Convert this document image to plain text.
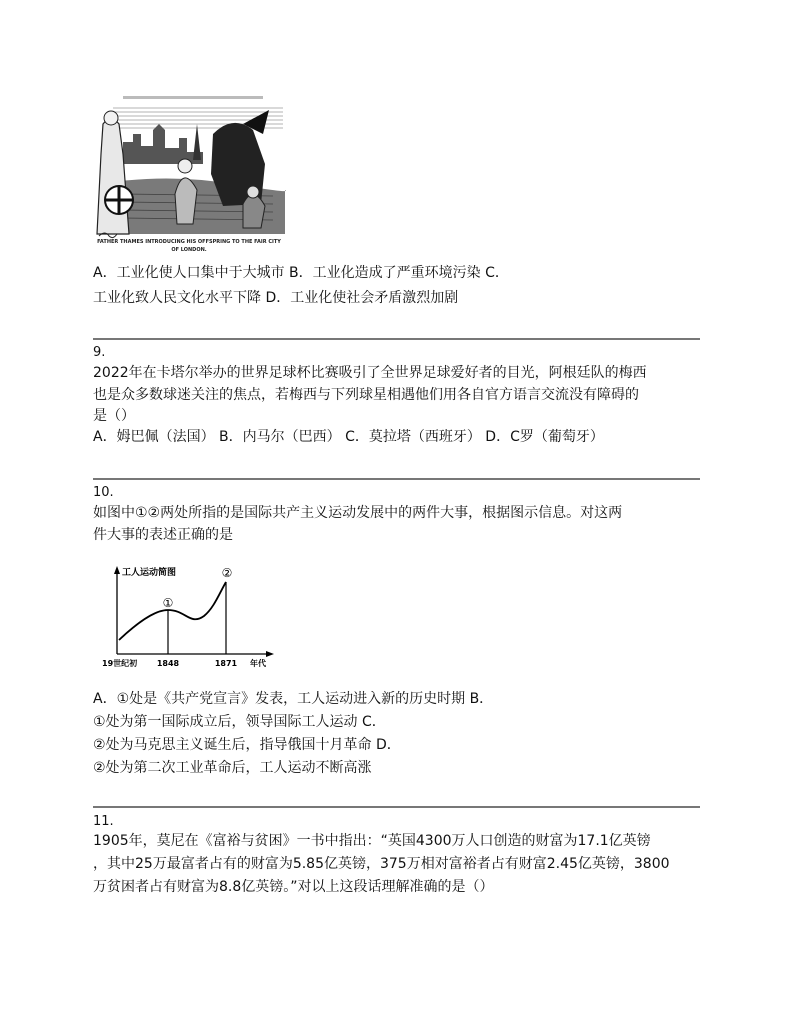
FATHER THAMES INTRODUCING HIS OFFSPRING TO THE FAIR CITY OF LONDON.
A．工业化使人口集中于大城市 B．工业化造成了严重环境污染 C．
工业化致人民文化水平下降 D．工业化使社会矛盾激烈加剧
9.
2022年在卡塔尔举办的世界足球杯比赛吸引了全世界足球爱好者的目光，阿根廷队的梅西
也是众多数球迷关注的焦点，若梅西与下列球星相遇他们用各自官方语言交流没有障碍的
是（）
A．姆巴佩（法国） B．内马尔（巴西） C．莫拉塔（西班牙） D．C罗（葡萄牙）
10.
如图中①②两处所指的是国际共产主义运动发展中的两件大事，根据图示信息。对这两
件大事的表述正确的是
工人运动简图
①
②
19世纪初 1848	1871 年代
A．①处是《共产党宣言》发表，工人运动进入新的历史时期 B．
①处为第一国际成立后，领导国际工人运动 C．
②处为马克思主义诞生后，指导俄国十月革命 D．
②处为第二次工业革命后，工人运动不断高涨
11.
1905年，莫尼在《富裕与贫困》一书中指出：“英国4300万人口创造的财富为17.1亿英镑
，其中25万最富者占有的财富为5.85亿英镑，375万相对富裕者占有财富2.45亿英镑，3800
万贫困者占有财富为8.8亿英镑。”对以上这段话理解准确的是（）
